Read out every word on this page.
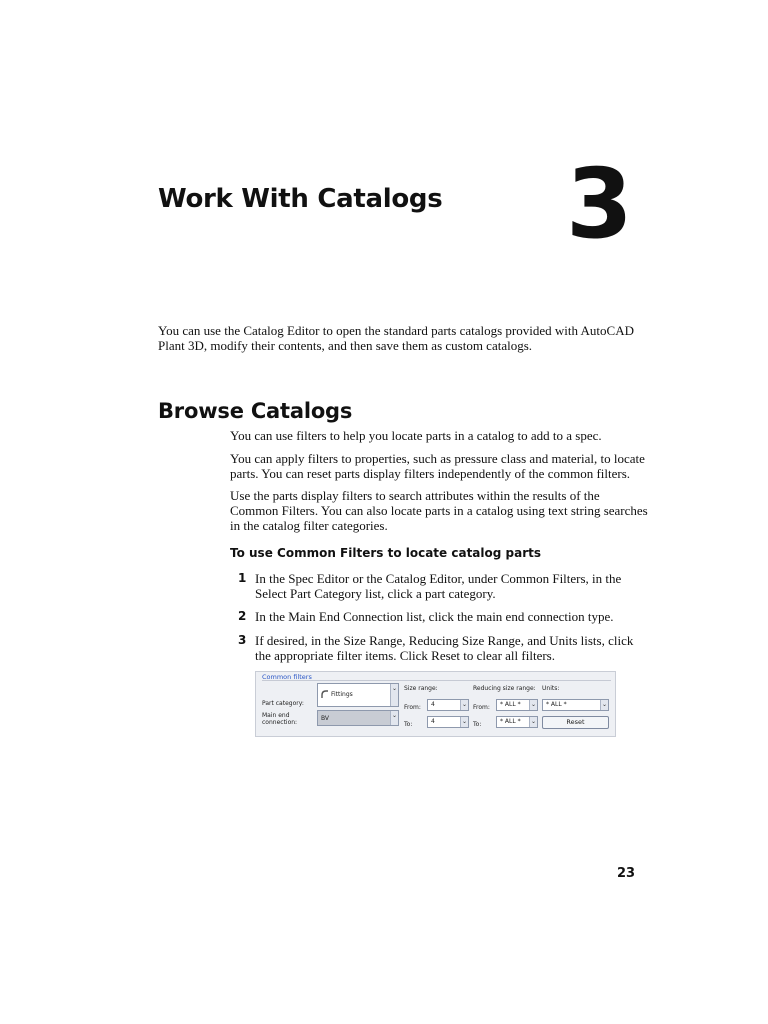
Work With Catalogs 3
You can use the Catalog Editor to open the standard parts catalogs provided with AutoCAD Plant 3D, modify their contents, and then save them as custom catalogs.
Browse Catalogs
You can use filters to help you locate parts in a catalog to add to a spec.
You can apply filters to properties, such as pressure class and material, to locate parts. You can reset parts display filters independently of the common filters.
Use the parts display filters to search attributes within the results of the Common Filters. You can also locate parts in a catalog using text string searches in the catalog filter categories.
To use Common Filters to locate catalog parts
1 In the Spec Editor or the Catalog Editor, under Common Filters, in the Select Part Category list, click a part category.
2 In the Main End Connection list, click the main end connection type.
3 If desired, in the Size Range, Reducing Size Range, and Units lists, click the appropriate filter items. Click Reset to clear all filters.
Common filters
Part category:
Fittings
⌄
Main end
connection:
BV	⌄
Size range:
From:	4	⌄
To:	4	⌄
Reducing size range:
From:	* ALL *	⌄
To:	* ALL *	⌄
Units:
* ALL *	⌄
Reset
23
